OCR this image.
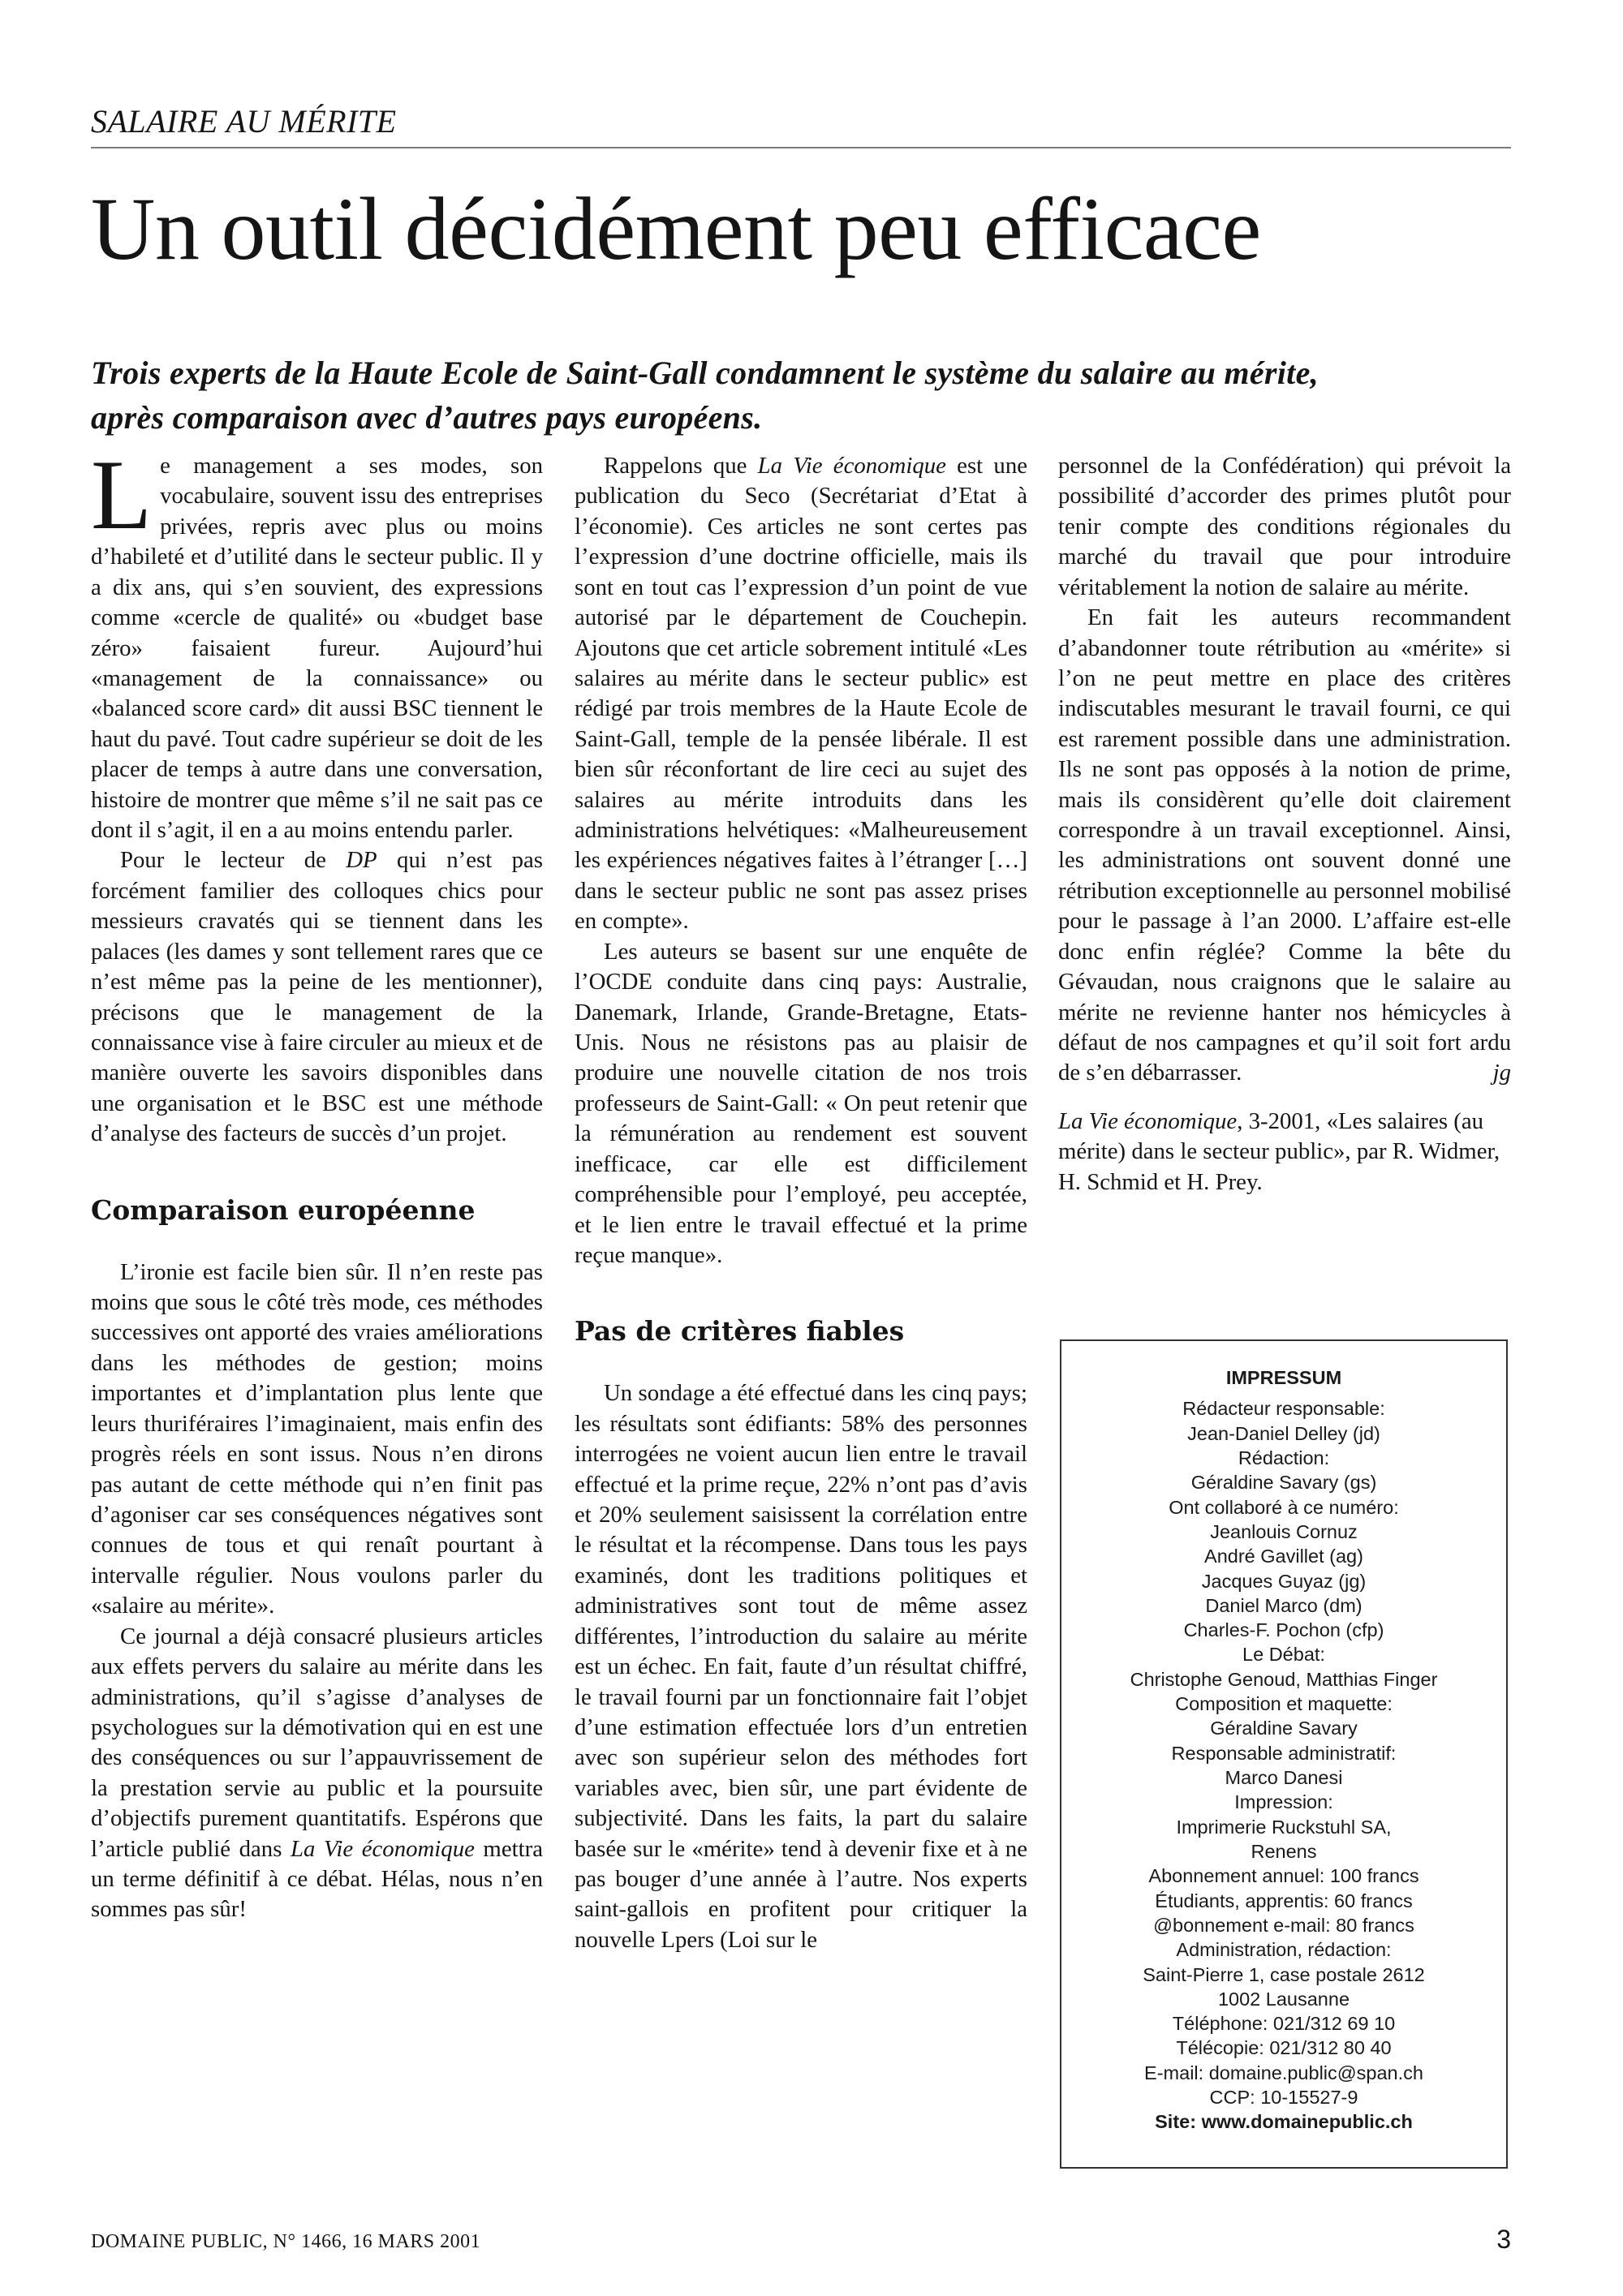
SALAIRE AU MÉRITE
Un outil décidément peu efficace
Trois experts de la Haute Ecole de Saint-Gall condamnent le système du salaire au mérite, après comparaison avec d’autres pays européens.

Le management a ses modes, son vocabulaire, souvent issu des entreprises privées, repris avec plus ou moins d’habileté et d’utilité dans le secteur public. Il y a dix ans, qui s’en souvient, des expressions comme «cercle de qualité» ou «budget base zéro» faisaient fureur. Aujourd’hui «management de la connaissance» ou «balanced score card» dit aussi BSC tiennent le haut du pavé. Tout cadre supérieur se doit de les placer de temps à autre dans une conversation, histoire de montrer que même s’il ne sait pas ce dont il s’agit, il en a au moins entendu parler.

Pour le lecteur de DP qui n’est pas forcément familier des colloques chics pour messieurs cravatés qui se tiennent dans les palaces (les dames y sont tellement rares que ce n’est même pas la peine de les mentionner), précisons que le management de la connaissance vise à faire circuler au mieux et de manière ouverte les savoirs disponibles dans une organisation et le BSC est une méthode d’analyse des facteurs de succès d’un projet.

Comparaison européenne

L’ironie est facile bien sûr. Il n’en reste pas moins que sous le côté très mode, ces méthodes successives ont apporté des vraies améliorations dans les méthodes de gestion; moins importantes et d’implantation plus lente que leurs thuriféraires l’imaginaient, mais enfin des progrès réels en sont issus. Nous n’en dirons pas autant de cette méthode qui n’en finit pas d’agoniser car ses conséquences négatives sont connues de tous et qui renaît pourtant à intervalle régulier. Nous voulons parler du «salaire au mérite».

Ce journal a déjà consacré plusieurs articles aux effets pervers du salaire au mérite dans les administrations, qu’il s’agisse d’analyses de psychologues sur la démotivation qui en est une des conséquences ou sur l’appauvrissement de la prestation servie au public et la poursuite d’objectifs purement quantitatifs. Espérons que l’article publié dans La Vie économique mettra un terme définitif à ce débat. Hélas, nous n’en sommes pas sûr!

Rappelons que La Vie économique est une publication du Seco (Secrétariat d’Etat à l’économie). Ces articles ne sont certes pas l’expression d’une doctrine officielle, mais ils sont en tout cas l’expression d’un point de vue autorisé par le département de Couchepin. Ajoutons que cet article sobrement intitulé «Les salaires au mérite dans le secteur public» est rédigé par trois membres de la Haute Ecole de Saint-Gall, temple de la pensée libérale. Il est bien sûr réconfortant de lire ceci au sujet des salaires au mérite introduits dans les administrations helvétiques: «Malheureusement les expériences négatives faites à l’étranger […] dans le secteur public ne sont pas assez prises en compte».

Les auteurs se basent sur une enquête de l’OCDE conduite dans cinq pays: Australie, Danemark, Irlande, Grande-Bretagne, Etats-Unis. Nous ne résistons pas au plaisir de produire une nouvelle citation de nos trois professeurs de Saint-Gall: « On peut retenir que la rémunération au rendement est souvent inefficace, car elle est difficilement compréhensible pour l’employé, peu acceptée, et le lien entre le travail effectué et la prime reçue manque».

Pas de critères fiables

Un sondage a été effectué dans les cinq pays; les résultats sont édifiants: 58% des personnes interrogées ne voient aucun lien entre le travail effectué et la prime reçue, 22% n’ont pas d’avis et 20% seulement saisissent la corrélation entre le résultat et la récompense. Dans tous les pays examinés, dont les traditions politiques et administratives sont tout de même assez différentes, l’introduction du salaire au mérite est un échec. En fait, faute d’un résultat chiffré, le travail fourni par un fonctionnaire fait l’objet d’une estimation effectuée lors d’un entretien avec son supérieur selon des méthodes fort variables avec, bien sûr, une part évidente de subjectivité. Dans les faits, la part du salaire basée sur le «mérite» tend à devenir fixe et à ne pas bouger d’une année à l’autre. Nos experts saint-gallois en profitent pour critiquer la nouvelle Lpers (Loi sur le

personnel de la Confédération) qui prévoit la possibilité d’accorder des primes plutôt pour tenir compte des conditions régionales du marché du travail que pour introduire véritablement la notion de salaire au mérite.

En fait les auteurs recommandent d’abandonner toute rétribution au «mérite» si l’on ne peut mettre en place des critères indiscutables mesurant le travail fourni, ce qui est rarement possible dans une administration. Ils ne sont pas opposés à la notion de prime, mais ils considèrent qu’elle doit clairement correspondre à un travail exceptionnel. Ainsi, les administrations ont souvent donné une rétribution exceptionnelle au personnel mobilisé pour le passage à l’an 2000. L’affaire est-elle donc enfin réglée? Comme la bête du Gévaudan, nous craignons que le salaire au mérite ne revienne hanter nos hémicycles à défaut de nos campagnes et qu’il soit fort ardu de s’en débarrasser.	jg

La Vie économique, 3-2001, «Les salaires (au mérite) dans le secteur public», par R. Widmer, H. Schmid et H. Prey.

IMPRESSUM
Rédacteur responsable:
Jean-Daniel Delley (jd)
Rédaction:
Géraldine Savary (gs)
Ont collaboré à ce numéro:
Jeanlouis Cornuz
André Gavillet (ag)
Jacques Guyaz (jg)
Daniel Marco (dm)
Charles-F. Pochon (cfp)
Le Débat:
Christophe Genoud, Matthias Finger
Composition et maquette:
Géraldine Savary
Responsable administratif:
Marco Danesi
Impression:
Imprimerie Ruckstuhl SA,
Renens
Abonnement annuel: 100 francs
Étudiants, apprentis: 60 francs
@bonnement e-mail: 80 francs
Administration, rédaction:
Saint-Pierre 1, case postale 2612
1002 Lausanne
Téléphone: 021/312 69 10
Télécopie: 021/312 80 40
E-mail: domaine.public@span.ch
CCP: 10-15527-9
Site: www.domainepublic.ch
DOMAINE PUBLIC, N° 1466, 16 MARS 2001	3
